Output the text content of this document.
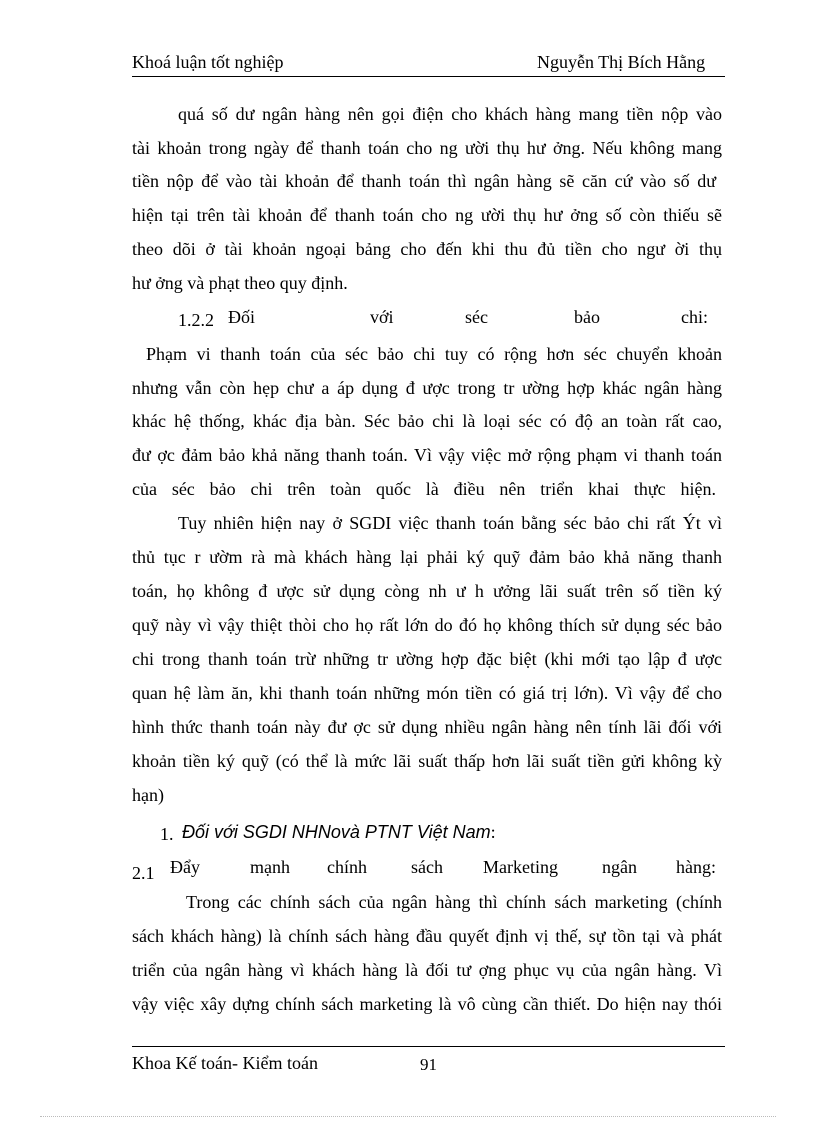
Khoá luận tốt nghiệp	Nguyễn Thị Bích Hằng
quá số dư ngân hàng nên gọi điện cho khách hàng mang tiền nộp vào
tài khoản trong ngày để thanh toán cho ng ười thụ hư ởng. Nếu không mang
tiền nộp để vào tài khoản để thanh toán thì ngân hàng sẽ căn cứ vào số dư
hiện tại trên tài khoản để thanh toán cho ng ười thụ hư ởng số còn thiếu sẽ
theo dõi ở tài khoản ngoại bảng cho đến khi thu đủ tiền cho ngư ời thụ
hư ởng và phạt theo quy định.
1.2.2 Đối	với	séc	bảo	chi:
Phạm vi thanh toán của séc bảo chi tuy có rộng hơn séc chuyển khoản
nhưng vẫn còn hẹp chư a áp dụng đ ược trong tr ường hợp khác ngân hàng
khác hệ thống, khác địa bàn. Séc bảo chi là loại séc có độ an toàn rất cao,
đư ợc đảm bảo khả năng thanh toán. Vì vậy việc mở rộng phạm vi thanh toán
của séc bảo chi trên toàn quốc là điều nên triển khai thực hiện.
Tuy nhiên hiện nay ở SGDI việc thanh toán bằng séc bảo chi rất Ýt vì
thủ tục r ườm rà mà khách hàng lại phải ký quỹ đảm bảo khả năng thanh
toán, họ không đ ược sử dụng còng nh ư h ưởng lãi suất trên số tiền ký
quỹ này vì vậy thiệt thòi cho họ rất lớn do đó họ không thích sử dụng séc bảo
chi trong thanh toán trừ những tr ường hợp đặc biệt (khi mới tạo lập đ ược
quan hệ làm ăn, khi thanh toán những món tiền có giá trị lớn). Vì vậy để cho
hình thức thanh toán này đư ợc sử dụng nhiều ngân hàng nên tính lãi đối với
khoản tiền ký quỹ (có thể là mức lãi suất thấp hơn lãi suất tiền gửi không kỳ
hạn)
1. Đối với SGDI NHNovà PTNT Việt Nam:
2.1 Đẩy	mạnh chính sách Marketing ngân hàng:
Trong các chính sách của ngân hàng thì chính sách marketing (chính
sách khách hàng) là chính sách hàng đầu quyết định vị thế, sự tồn tại và phát
triển của ngân hàng vì khách hàng là đối tư ợng phục vụ của ngân hàng. Vì
vậy việc xây dựng chính sách marketing là vô cùng cần thiết. Do hiện nay thói
Khoa Kế toán- Kiểm toán	91
